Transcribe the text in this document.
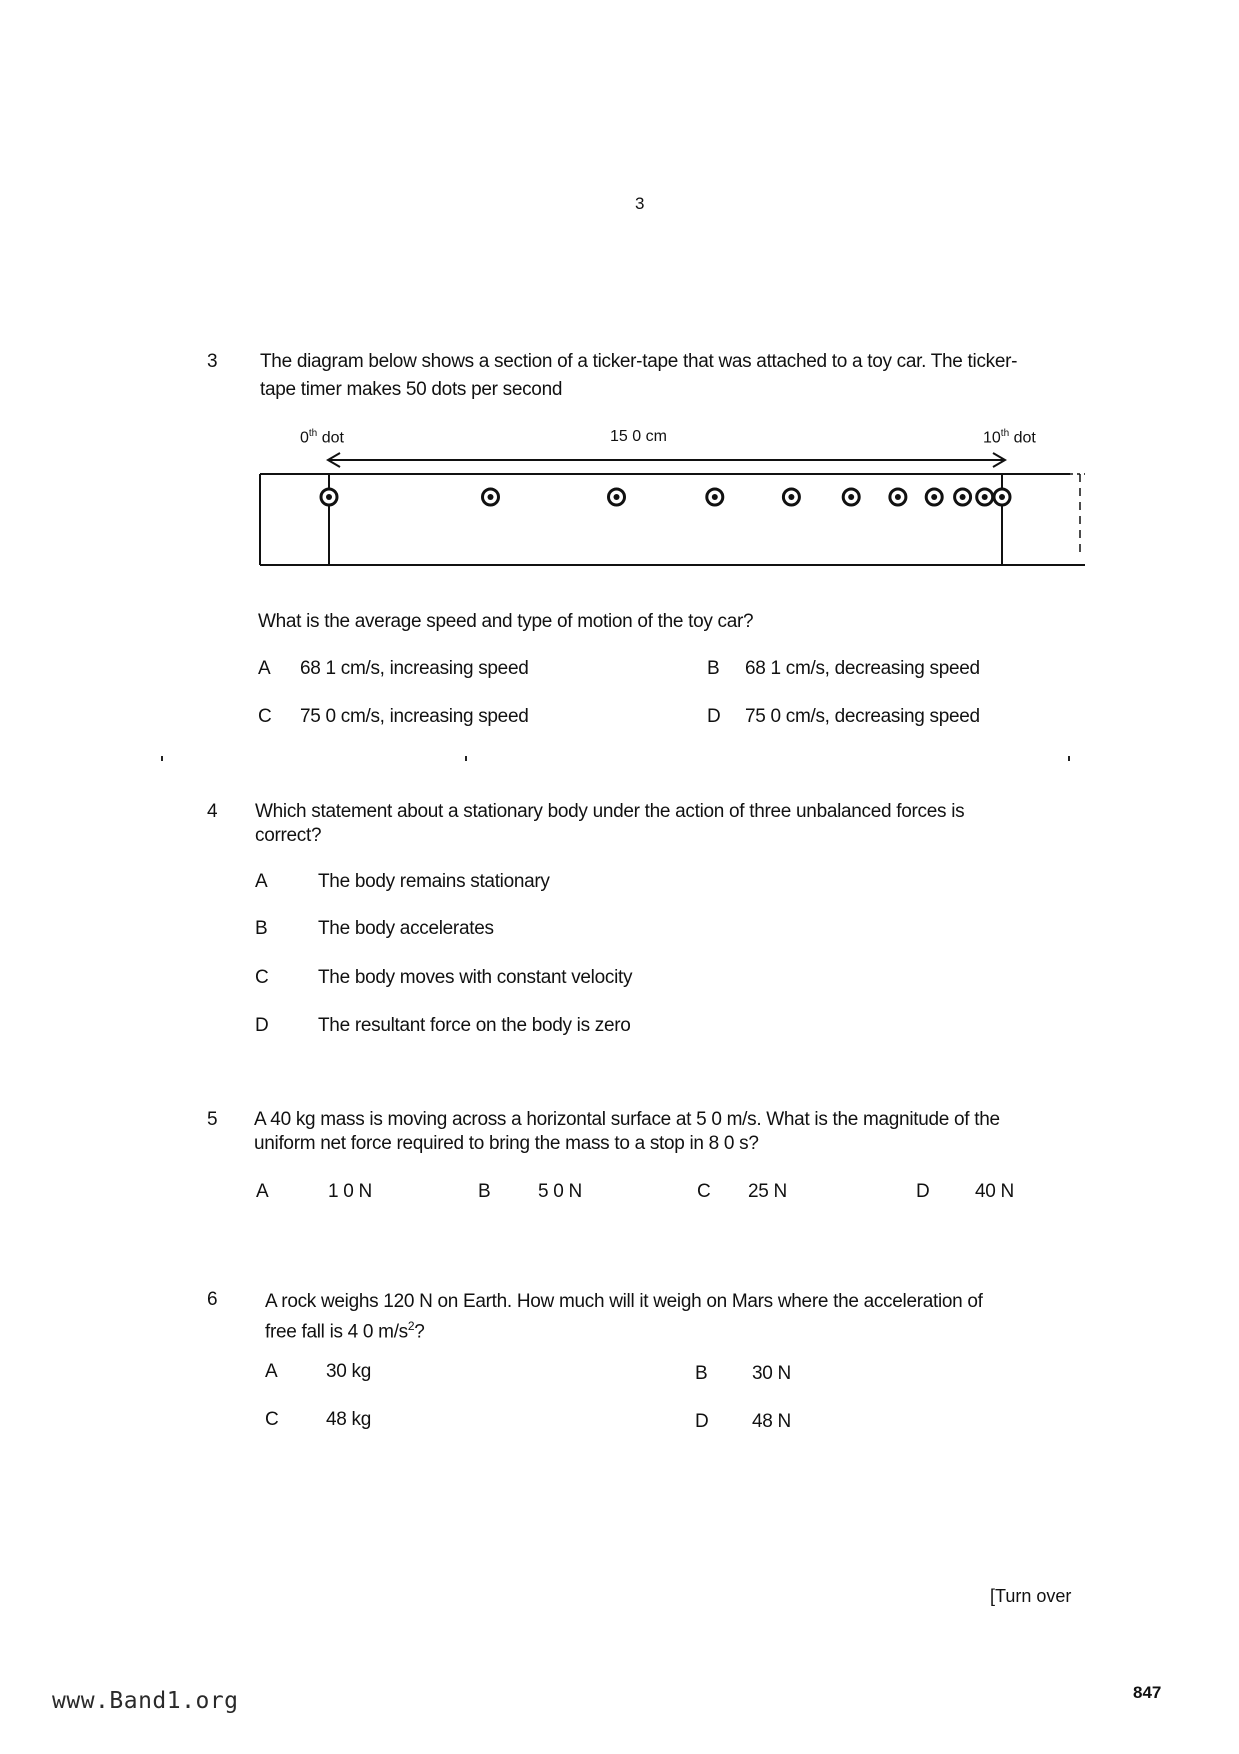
3
3 The diagram below shows a section of a ticker-tape that was attached to a toy car. The ticker-
tape timer makes 50 dots per second
0th dot	15 0 cm	10th dot
What is the average speed and type of motion of the toy car?
A 68 1 cm/s, increasing speed	B 68 1 cm/s, decreasing speed
C 75 0 cm/s, increasing speed	D 75 0 cm/s, decreasing speed
4 Which statement about a stationary body under the action of three unbalanced forces is
correct?
A	The body remains stationary
B	The body accelerates
C	The body moves with constant velocity
D	The resultant force on the body is zero
5 A 40 kg mass is moving across a horizontal surface at 5 0 m/s. What is the magnitude of the
uniform net force required to bring the mass to a stop in 8 0 s?
A	1 0 N	B 5 0 N	C 25 N	D 40 N
6 A rock weighs 120 N on Earth. How much will it weigh on Mars where the acceleration of
free fall is 4 0 $m/s^2$?
A	30 kg	B 30 N
C 48 kg	D 48 N
[Turn over
847
www.Band1.org
